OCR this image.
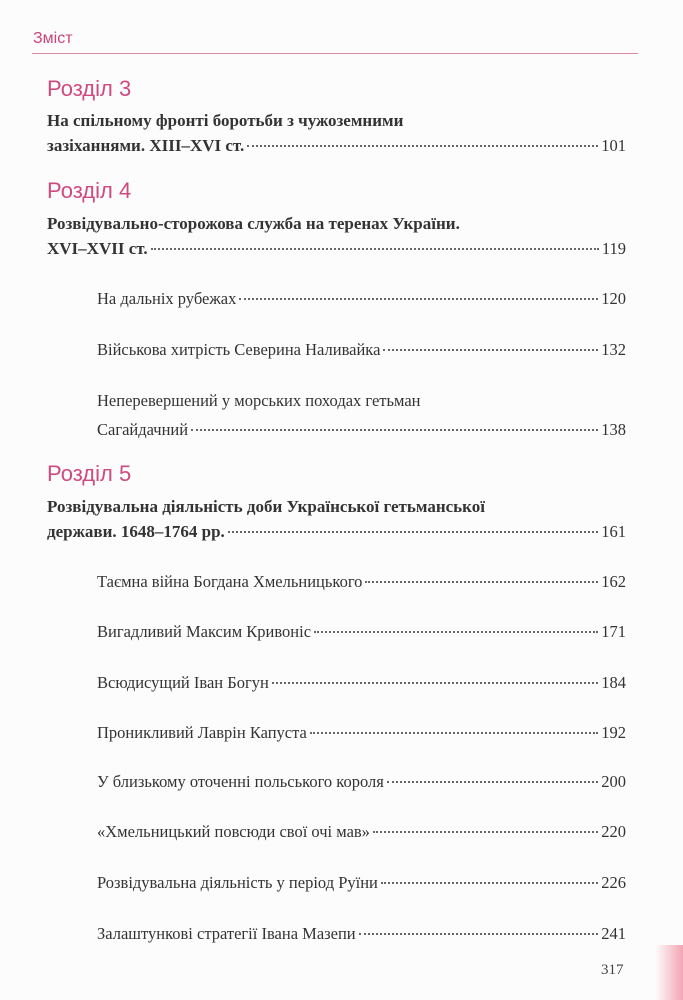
Зміст
Розділ 3
На спільному фронті боротьби з чужоземними
зазіханнями. XIII–XVI ст.	101
Розділ 4
Розвідувально-сторожова служба на теренах України.
XVI–XVII ст.	119
На дальніх рубежах	120
Військова хитрість Северина Наливайка	132
Неперевершений у морських походах гетьман
Сагайдачний	138
Розділ 5
Розвідувальна діяльність доби Української гетьманської
держави. 1648–1764 рр.	161
Таємна війна Богдана Хмельницького	162
Вигадливий Максим Кривоніс	171
Всюдисущий Іван Богун	184
Проникливий Лаврін Капуста	192
У близькому оточенні польського короля	200
«Хмельницький повсюди свої очі мав»	220
Розвідувальна діяльність у період Руїни	226
Залаштункові стратегії Івана Мазепи	241
317
